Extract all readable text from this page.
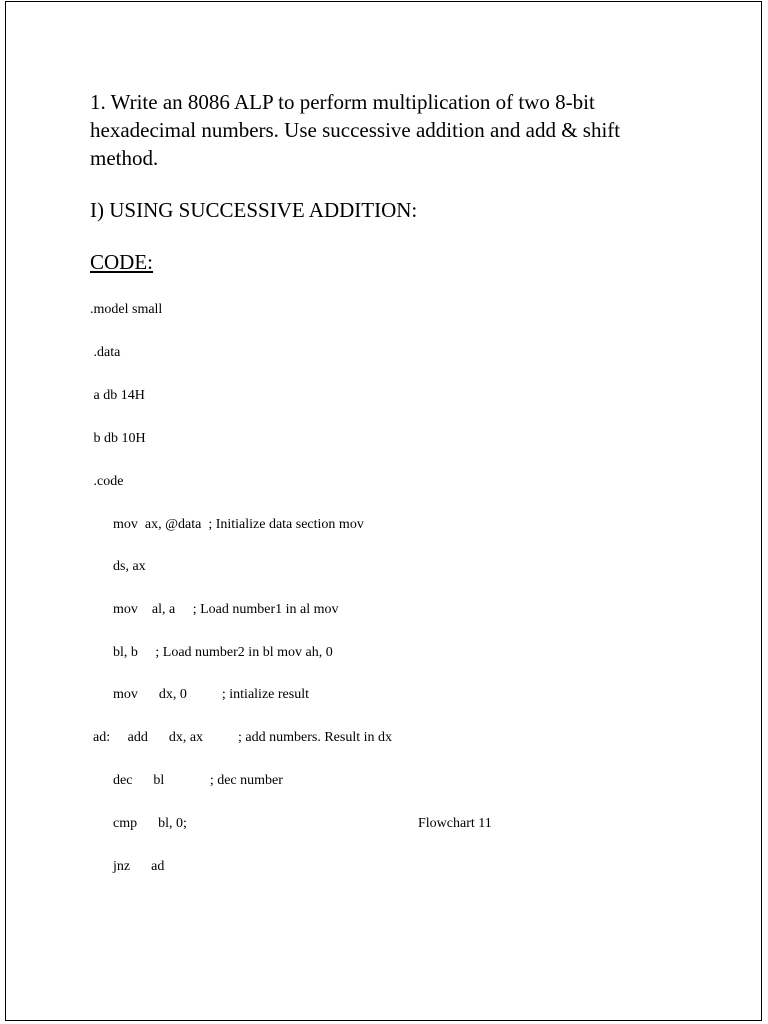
1. Write an 8086 ALP to perform multiplication of two 8-bit hexadecimal numbers. Use successive addition and add & shift method.
I) USING SUCCESSIVE ADDITION:
CODE:
.model small
.data
a db 14H
b db 10H
.code
mov  ax, @data  ; Initialize data section mov
ds, ax
mov    al, a     ; Load number1 in al mov
bl, b     ; Load number2 in bl mov ah, 0
mov      dx, 0          ; intialize result
ad:     add      dx, ax          ; add numbers. Result in dx
dec      bl             ; dec number
cmp      bl, 0;
jnz      ad
Flowchart 11
